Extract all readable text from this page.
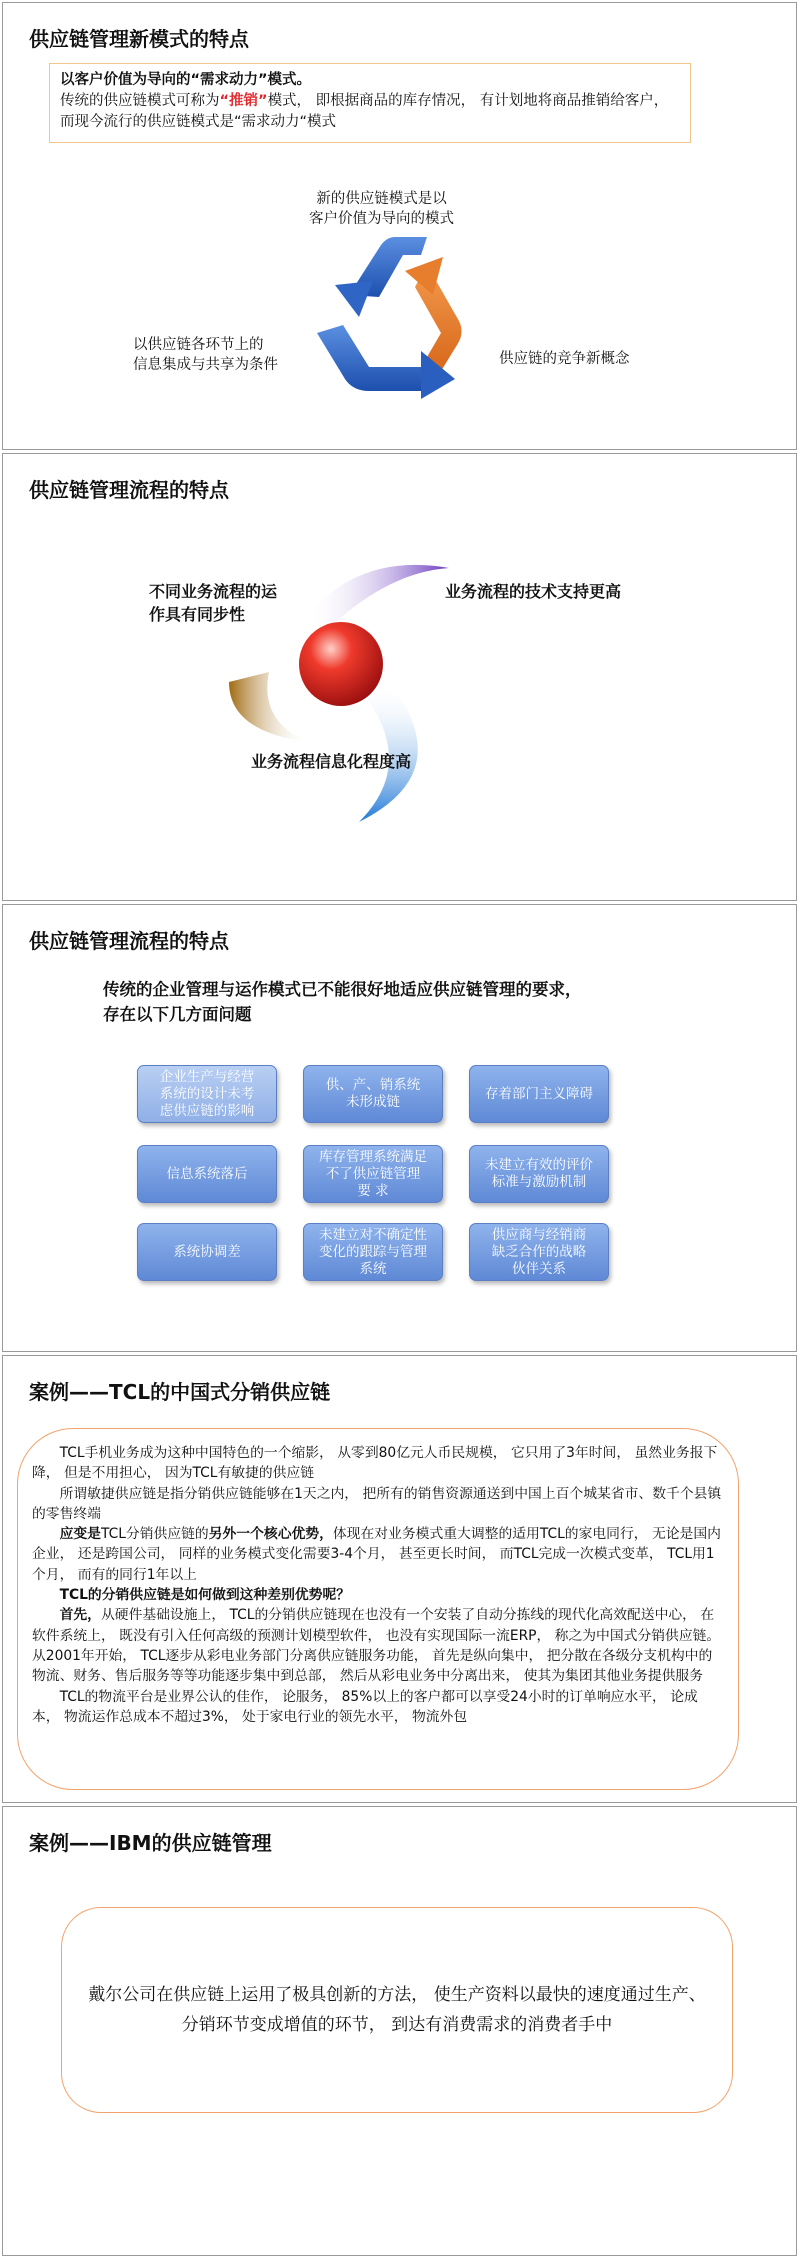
供应链管理新模式的特点
以客户价值为导向的“需求动力”模式。
传统的供应链模式可称为“推销”模式， 即根据商品的库存情况， 有计划地将商品推销给客户， 而现今流行的供应链模式是“需求动力“模式
新的供应链模式是以
客户价值为导向的模式
以供应链各环节上的
信息集成与共享为条件	供应链的竞争新概念
供应链管理流程的特点
不同业务流程的运
作具有同步性
业务流程的技术支持更高
业务流程信息化程度高
供应链管理流程的特点
传统的企业管理与运作模式已不能很好地适应供应链管理的要求，
存在以下几方面问题
企业生产与经营
系统的设计未考
虑供应链的影响
供、产、销系统
未形成链
存着部门主义障碍
信息系统落后
库存管理系统满足
不了供应链管理
要 求
未建立有效的评价
标准与激励机制
系统协调差
未建立对不确定性
变化的跟踪与管理
系统
供应商与经销商
缺乏合作的战略
伙伴关系
案例——TCL的中国式分销供应链

TCL手机业务成为这种中国特色的一个缩影， 从零到80亿元人币民规模， 它只用了3年时间， 虽然业务报下降， 但是不用担心， 因为TCL有敏捷的供应链

所谓敏捷供应链是指分销供应链能够在1天之内， 把所有的销售资源通送到中国上百个城某省市、数千个县镇的零售终端

应变是TCL分销供应链的另外一个核心优势，体现在对业务模式重大调整的适用TCL的家电同行， 无论是国内企业， 还是跨国公司， 同样的业务模式变化需要3-4个月， 甚至更长时间， 而TCL完成一次模式变革， TCL用1个月， 而有的同行1年以上

TCL的分销供应链是如何做到这种差别优势呢？

首先，从硬件基础设施上， TCL的分销供应链现在也没有一个安装了自动分拣线的现代化高效配送中心， 在软件系统上， 既没有引入任何高级的预测计划模型软件， 也没有实现国际一流ERP， 称之为中国式分销供应链。从2001年开始， TCL逐步从彩电业务部门分离供应链服务功能， 首先是纵向集中， 把分散在各级分支机构中的物流、财务、售后服务等等功能逐步集中到总部， 然后从彩电业务中分离出来， 使其为集团其他业务提供服务

TCL的物流平台是业界公认的佳作， 论服务， 85%以上的客户都可以享受24小时的订单响应水平， 论成本， 物流运作总成本不超过3%， 处于家电行业的领先水平， 物流外包

案例——IBM的供应链管理
戴尔公司在供应链上运用了极具创新的方法， 使生产资料以最快的速度通过生产、分销环节变成增值的环节， 到达有消费需求的消费者手中
